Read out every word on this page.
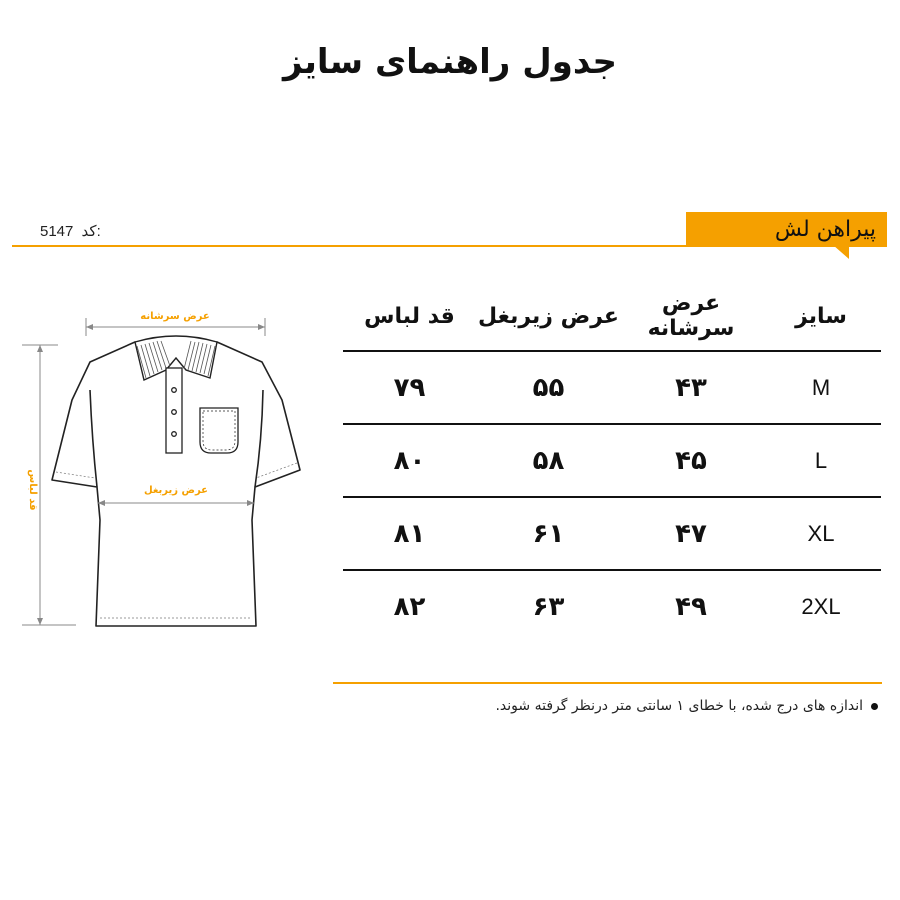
جدول راهنمای سایز
پیراهن لش
5147 کد:
عرض سرشانه
قد لباس	عرض زیربغل
سایز	عرض سرشانه	عرض زیربغل	قد لباس
M	۴۳	۵۵	۷۹
L	۴۵	۵۸	۸۰
XL	۴۷	۶۱	۸۱
2XL	۴۹	۶۳	۸۲
اندازه های درج شده، با خطای ۱ سانتی متر درنظر گرفته شوند.
